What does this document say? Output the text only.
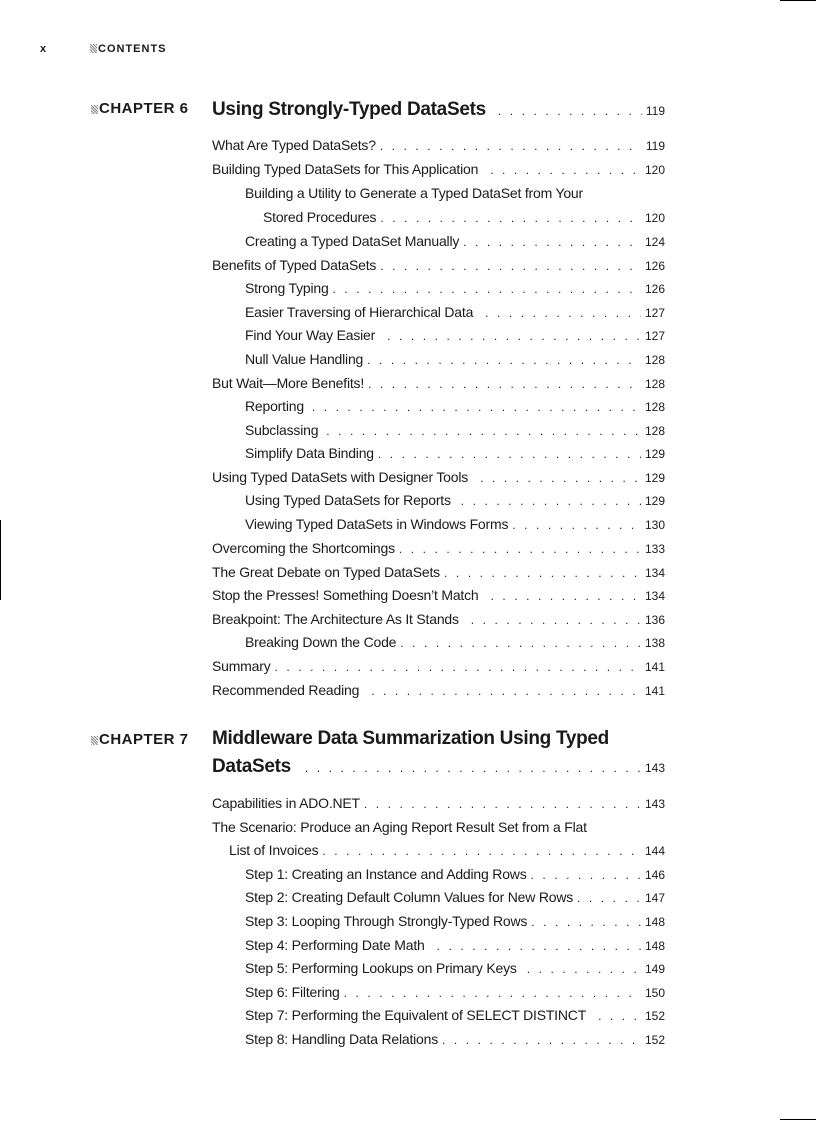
x	CONTENTS
CHAPTER 6 Using Strongly-Typed DataSets . . .	119
What Are Typed DataSets? . . .	119
Building Typed DataSets for This Application . . .	120
Building a Utility to Generate a Typed DataSet from Your
Stored Procedures . . .	120
Creating a Typed DataSet Manually . . .	124
Benefits of Typed DataSets . . .	126
Strong Typing . . .	126
Easier Traversing of Hierarchical Data . . .	127
Find Your Way Easier . . .	127
Null Value Handling . . .	128
But Wait—More Benefits! . . .	128
Reporting . . .	128
Subclassing . . .	128
Simplify Data Binding . . .	129
Using Typed DataSets with Designer Tools . . .	129
Using Typed DataSets for Reports . . .	129
Viewing Typed DataSets in Windows Forms . . .	130
Overcoming the Shortcomings . . .	133
The Great Debate on Typed DataSets . . .	134
Stop the Presses! Something Doesn’t Match . . .	134
Breakpoint: The Architecture As It Stands . . .	136
Breaking Down the Code . . .	138
Summary . . .	141
Recommended Reading . . .	141
CHAPTER 7 Middleware Data Summarization Using Typed
DataSets . . .	143
Capabilities in ADO.NET . . .	143
The Scenario: Produce an Aging Report Result Set from a Flat
List of Invoices . . .	144
Step 1: Creating an Instance and Adding Rows . . .	146
Step 2: Creating Default Column Values for New Rows . . .	147
Step 3: Looping Through Strongly-Typed Rows . . .	148
Step 4: Performing Date Math . . .	148
Step 5: Performing Lookups on Primary Keys . . .	149
Step 6: Filtering . . .	150
Step 7: Performing the Equivalent of SELECT DISTINCT . . .	152
Step 8: Handling Data Relations . . .	152
